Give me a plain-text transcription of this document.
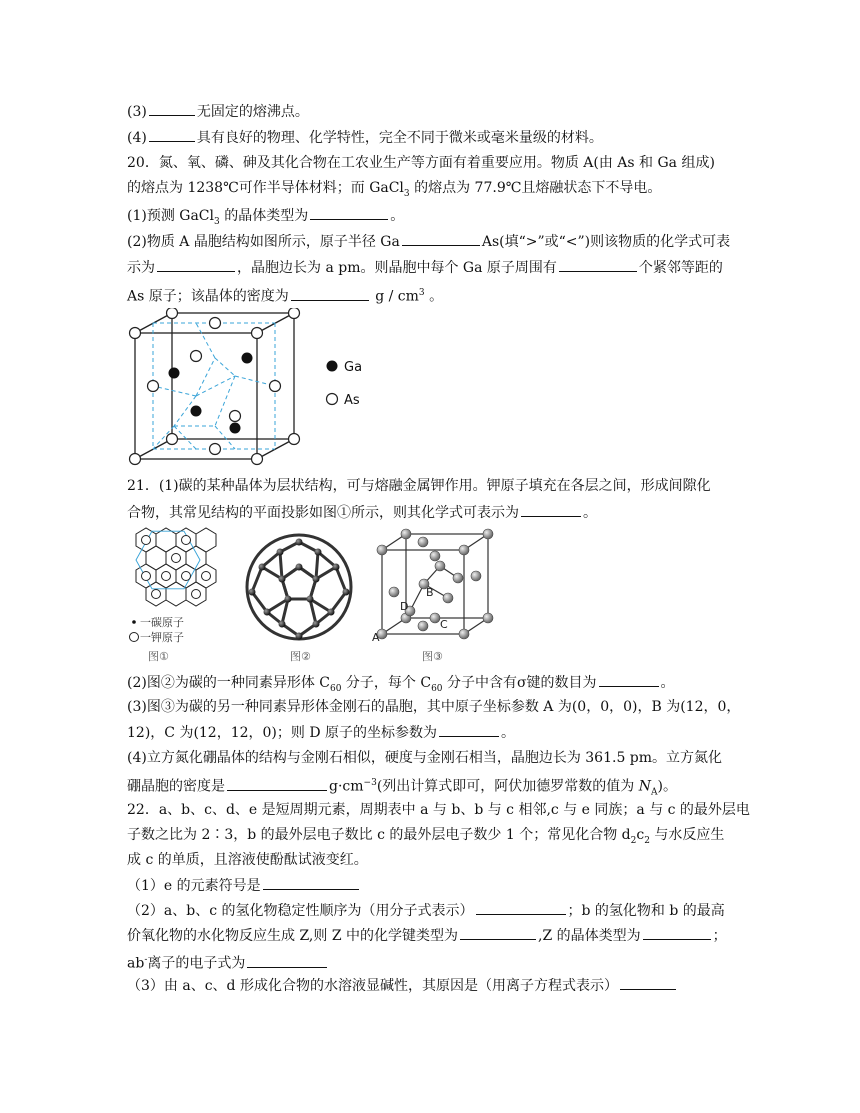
(3)	无固定的熔沸点。
(4)	具有良好的物理、化学特性，完全不同于微米或毫米量级的材料。
20．氮、氧、磷、砷及其化合物在工农业生产等方面有着重要应用。物质 A(由 As 和 Ga 组成)
的熔点为 1238℃可作半导体材料；而 GaCl$_3$ 的熔点为 77.9℃且熔融状态下不导电。
(1)预测 GaCl$_3$ 的晶体类型为	。
(2)物质 A 晶胞结构如图所示，原子半径 Ga	As(填“>”或“<”)则该物质的化学式可表
示为	，晶胞边长为 a pm。则晶胞中每个 Ga 原子周围有	个紧邻等距的
As 原子；该晶体的密度为	g / $cm^3$ 。
Ga
As
21．(1)碳的某种晶体为层状结构，可与熔融金属钾作用。钾原子填充在各层之间，形成间隙化
合物，其常见结构的平面投影如图①所示，则其化学式可表示为	。
一碳原子
一钾原子
图①	图②
A
B
C
D
图③
(2)图②为碳的一种同素异形体 $C_{60}$ 分子，每个 $C_{60}$ 分子中含有σ键的数目为	。
(3)图③为碳的另一种同素异形体金刚石的晶胞，其中原子坐标参数 A 为(0，0，0)，B 为(12，0，
12)，C 为(12，12，0)；则 D 原子的坐标参数为	。
(4)立方氮化硼晶体的结构与金刚石相似，硬度与金刚石相当，晶胞边长为 361.5 pm。立方氮化
硼晶胞的密度是	$g\cdot cm^{-3}$(列出计算式即可，阿伏加德罗常数的值为 $N_A$)。
22．a、b、c、d、e 是短周期元素，周期表中 a 与 b、b 与 c 相邻,c 与 e 同族；a 与 c 的最外层电
子数之比为 2∶3，b 的最外层电子数比 c 的最外层电子数少 1 个；常见化合物 $d_2c_2$ 与水反应生
成 c 的单质，且溶液使酚酞试液变红。
（1）e 的元素符号是
（2）a、b、c 的氢化物稳定性顺序为（用分子式表示）	；b 的氢化物和 b 的最高
价氧化物的水化物反应生成 Z,则 Z 中的化学键类型为	,Z 的晶体类型为	；
ab-离子的电子式为
（3）由 a、c、d 形成化合物的水溶液显碱性，其原因是（用离子方程式表示）
